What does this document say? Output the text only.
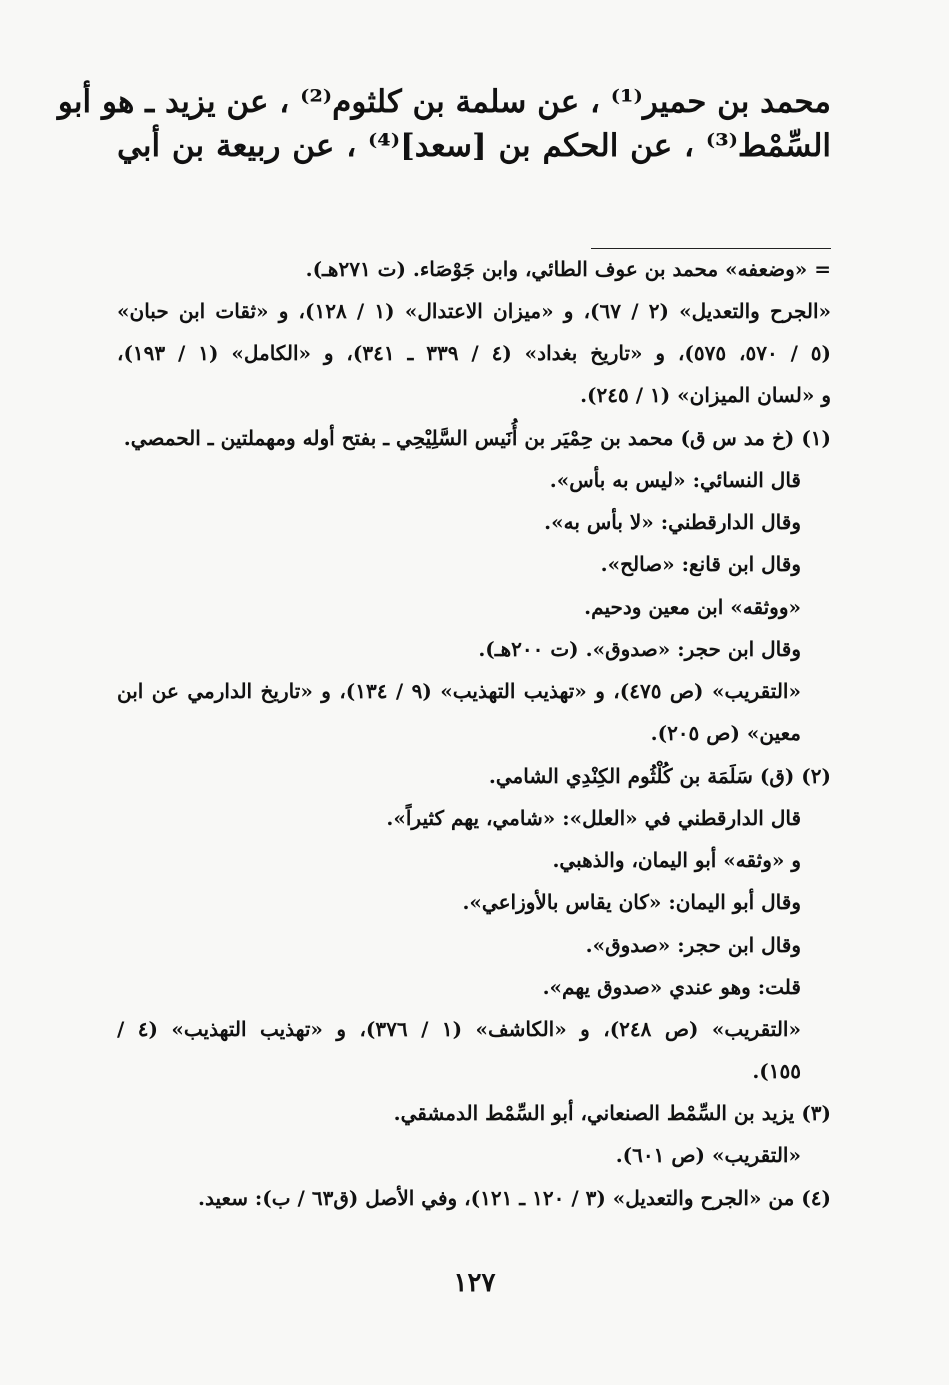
محمد بن حمير⁽¹⁾ ، عن سلمة بن كلثوم⁽²⁾ ، عن يزيد ـ هو أبو
السِّمْط⁽³⁾ ، عن الحكم بن [سعد]⁽⁴⁾ ، عن ربيعة بن أبي
= «وضعفه» محمد بن عوف الطائي، وابن جَوْصَاء. (ت ٢٧١هـ).
«الجرح والتعديل» (٢ / ٦٧)، و «ميزان الاعتدال» (١ / ١٢٨)، و «ثقات ابن حبان»
(٥ / ٥٧٠، ٥٧٥)، و «تاريخ بغداد» (٤ / ٣٣٩ ـ ٣٤١)، و «الكامل» (١ / ١٩٣)،
و «لسان الميزان» (١ / ٢٤٥).
(١) (خ مد س ق) محمد بن حِمْيَر بن أُنَيس السَّلِيْحِي ـ بفتح أوله ومهملتين ـ الحمصي.
قال النسائي: «ليس به بأس».
وقال الدارقطني: «لا بأس به».
وقال ابن قانع: «صالح».
«ووثقه» ابن معين ودحيم.
وقال ابن حجر: «صدوق». (ت ٢٠٠هـ).
«التقريب» (ص ٤٧٥)، و «تهذيب التهذيب» (٩ / ١٣٤)، و «تاريخ الدارمي عن ابن
معين» (ص ٢٠٥).
(٢) (ق) سَلَمَة بن كُلْثُوم الكِنْدِي الشامي.
قال الدارقطني في «العلل»: «شامي، يهم كثيراً».
و «وثقه» أبو اليمان، والذهبي.
وقال أبو اليمان: «كان يقاس بالأوزاعي».
وقال ابن حجر: «صدوق».
قلت: وهو عندي «صدوق يهم».
«التقريب» (ص ٢٤٨)، و «الكاشف» (١ / ٣٧٦)، و «تهذيب التهذيب» (٤ /
١٥٥).
(٣) يزيد بن السِّمْط الصنعاني، أبو السِّمْط الدمشقي.
«التقريب» (ص ٦٠١).
(٤) من «الجرح والتعديل» (٣ / ١٢٠ ـ ١٢١)، وفي الأصل (ق٦٣ / ب): سعيد.
١٢٧
